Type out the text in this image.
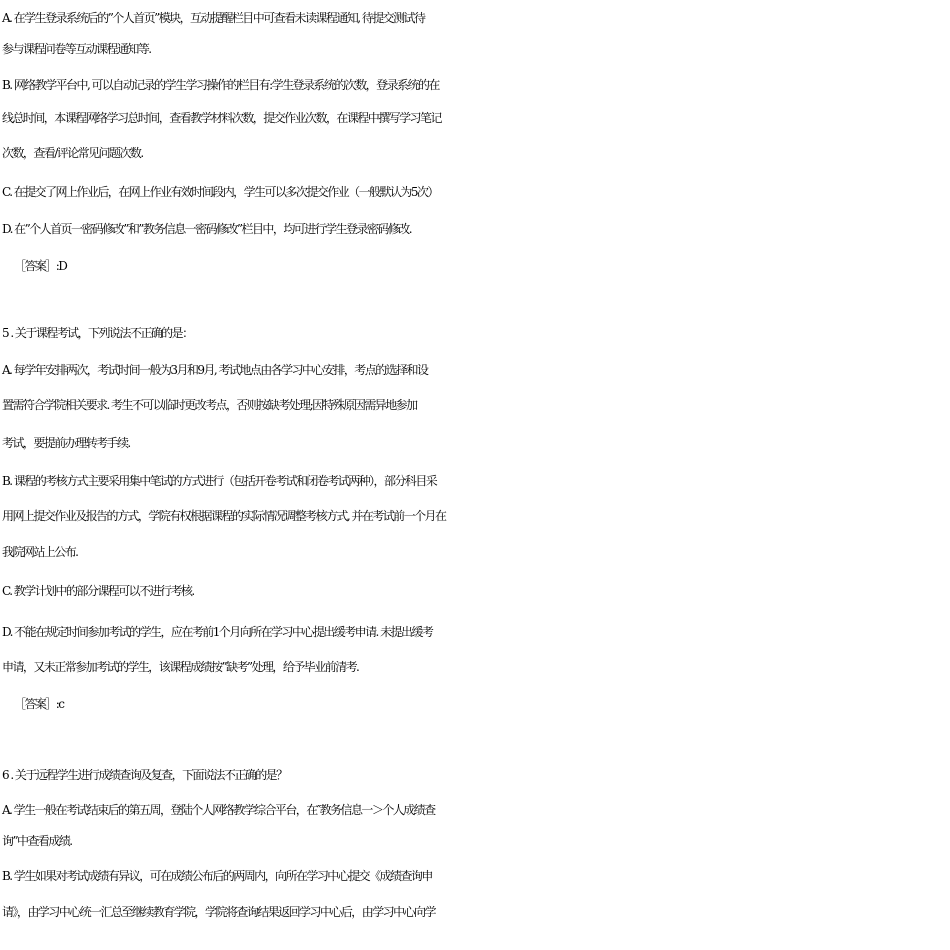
A. 在学生登录系统后的”个人首页”模块，互动提醒栏目中可查看未读课程通知, 待提交测试待
参与课程问卷等互动课程通知等.
B. 网络教学平台中, 可以自动记录的学生学习操作的栏目有:学生登录系统的次数，登录系统的在
线总时间，本课程网络学习总时间，查看教学材料次数，提交作业次数，在课程中撰写学习笔记
次数，查看/评论常见问题次数.
C. 在提交了网上作业后，在网上作业有效时间段内，学生可以多次提交作业（一般默认为5次）
D. 在”个人首页一密码修改”和”教务信息一密码修改”栏目中，均可进行学生登录密码修改.
［答案］:D
5 . 关于课程考试，下列说法不正确的是：
A. 每学年安排两次，考试时间一般为3月和9月, 考试地点由各学习中心安排，考点的选择和设
置需符合学院相关要求. 考生不可以临时更改考点，否则按缺考处理;因特殊原因需异地参加
考试，要提前办理转考手续.
B. 课程的考核方式主要采用集中笔试的方式进行（包括开卷考试和闭卷考试两种），部分科目采
用网上提交作业及报告的方式，学院有权根据课程的实际情况调整考核方式, 并在考试前一个月在
我院网站上公布.
C. 教学计划中的部分课程可以不进行考核.
D. 不能在规定时间参加考试的学生，应在考前1个月向所在学习中心提出缓考申请. 未提出缓考
申请，又未正常参加考试的学生，该课程成绩按”缺考”处理，给予毕业前清考.
［答案］:c
6 . 关于远程学生进行成绩查询及复查，下面说法不正确的是？
A. 学生一般在考试结束后的第五周，登陆个人网络教学综合平台，在″教务信息一＞个人成绩查
询”中查看成绩.
B. 学生如果对考试成绩有异议，可在成绩公布后的两周内，向所在学习中心提交《成绩查询申
请》，由学习中心统一汇总至继续教育学院，学院将查询结果返回学习中心后，由学习中心向学
